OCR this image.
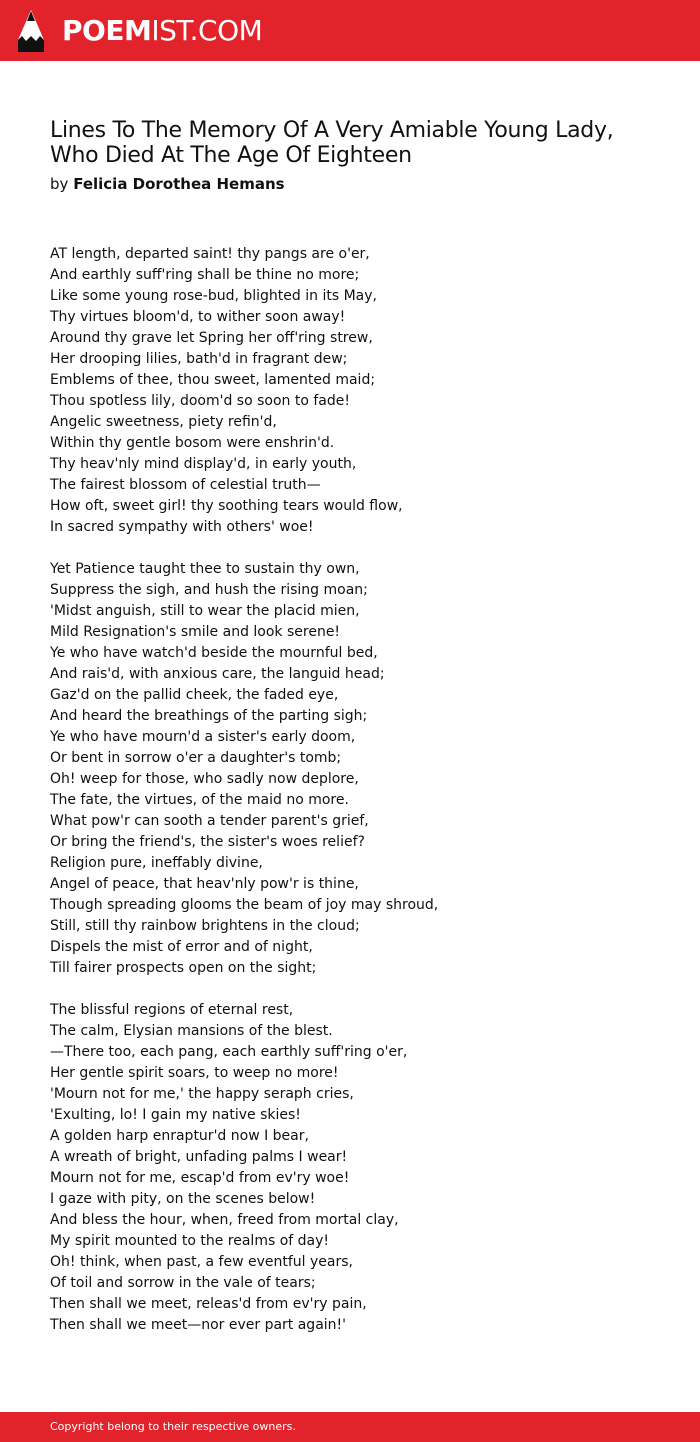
POEMIST.COM
Lines To The Memory Of A Very Amiable Young Lady,
Who Died At The Age Of Eighteen
by Felicia Dorothea Hemans

AT length, departed saint! thy pangs are o'er,
And earthly suff'ring shall be thine no more;
Like some young rose-bud, blighted in its May,
Thy virtues bloom'd, to wither soon away!
Around thy grave let Spring her off'ring strew,
Her drooping lilies, bath'd in fragrant dew;
Emblems of thee, thou sweet, lamented maid;
Thou spotless lily, doom'd so soon to fade!
Angelic sweetness, piety refin'd,
Within thy gentle bosom were enshrin'd.
Thy heav'nly mind display'd, in early youth,
The fairest blossom of celestial truth—
How oft, sweet girl! thy soothing tears would flow,
In sacred sympathy with others' woe!

Yet Patience taught thee to sustain thy own,
Suppress the sigh, and hush the rising moan;
'Midst anguish, still to wear the placid mien,
Mild Resignation's smile and look serene!
Ye who have watch'd beside the mournful bed,
And rais'd, with anxious care, the languid head;
Gaz'd on the pallid cheek, the faded eye,
And heard the breathings of the parting sigh;
Ye who have mourn'd a sister's early doom,
Or bent in sorrow o'er a daughter's tomb;
Oh! weep for those, who sadly now deplore,
The fate, the virtues, of the maid no more.
What pow'r can sooth a tender parent's grief,
Or bring the friend's, the sister's woes relief?
Religion pure, ineffably divine,
Angel of peace, that heav'nly pow'r is thine,
Though spreading glooms the beam of joy may shroud,
Still, still thy rainbow brightens in the cloud;
Dispels the mist of error and of night,
Till fairer prospects open on the sight;

The blissful regions of eternal rest,
The calm, Elysian mansions of the blest.
—There too, each pang, each earthly suff'ring o'er,
Her gentle spirit soars, to weep no more!
'Mourn not for me,' the happy seraph cries,
'Exulting, lo! I gain my native skies!
A golden harp enraptur'd now I bear,
A wreath of bright, unfading palms I wear!
Mourn not for me, escap'd from ev'ry woe!
I gaze with pity, on the scenes below!
And bless the hour, when, freed from mortal clay,
My spirit mounted to the realms of day!
Oh! think, when past, a few eventful years,
Of toil and sorrow in the vale of tears;
Then shall we meet, releas'd from ev'ry pain,
Then shall we meet—nor ever part again!'

Copyright belong to their respective owners.
